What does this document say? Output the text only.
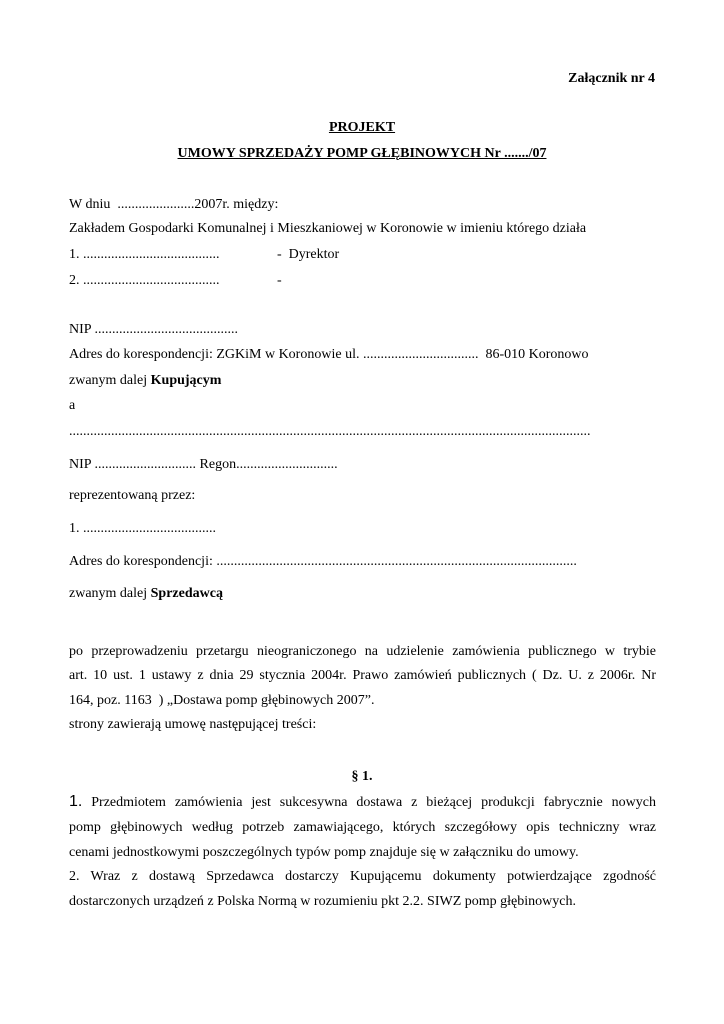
Załącznik nr 4
PROJEKT
UMOWY SPRZEDAŻY POMP GŁĘBINOWYCH Nr ......./07
W dniu  ......................2007r. między:
Zakładem Gospodarki Komunalnej i Mieszkaniowej w Koronowie w imieniu którego działa
1. .......................................	-  Dyrektor
2. .......................................	-
NIP .........................................
Adres do korespondencji: ZGKiM w Koronowie ul. .................................  86-010 Koronowo
zwanym dalej Kupującym
a
.....................................................................................................................................................
NIP ............................. Regon.............................
reprezentowaną przez:
1. ......................................
Adres do korespondencji: .......................................................................................................
zwanym dalej Sprzedawcą
po przeprowadzeniu przetargu nieograniczonego na udzielenie zamówienia publicznego w trybie
art. 10 ust. 1 ustawy z dnia 29 stycznia 2004r. Prawo zamówień publicznych ( Dz. U. z 2006r. Nr
164, poz. 1163  ) „Dostawa pomp głębinowych 2007”.
strony zawierają umowę następującej treści:
§ 1.
1. Przedmiotem zamówienia jest sukcesywna dostawa z bieżącej produkcji fabrycznie nowych
pomp głębinowych według potrzeb zamawiającego, których szczegółowy opis techniczny wraz
cenami jednostkowymi poszczególnych typów pomp znajduje się w załączniku do umowy.
2. Wraz z dostawą Sprzedawca dostarczy Kupującemu dokumenty potwierdzające zgodność
dostarczonych urządzeń z Polska Normą w rozumieniu pkt 2.2. SIWZ pomp głębinowych.
